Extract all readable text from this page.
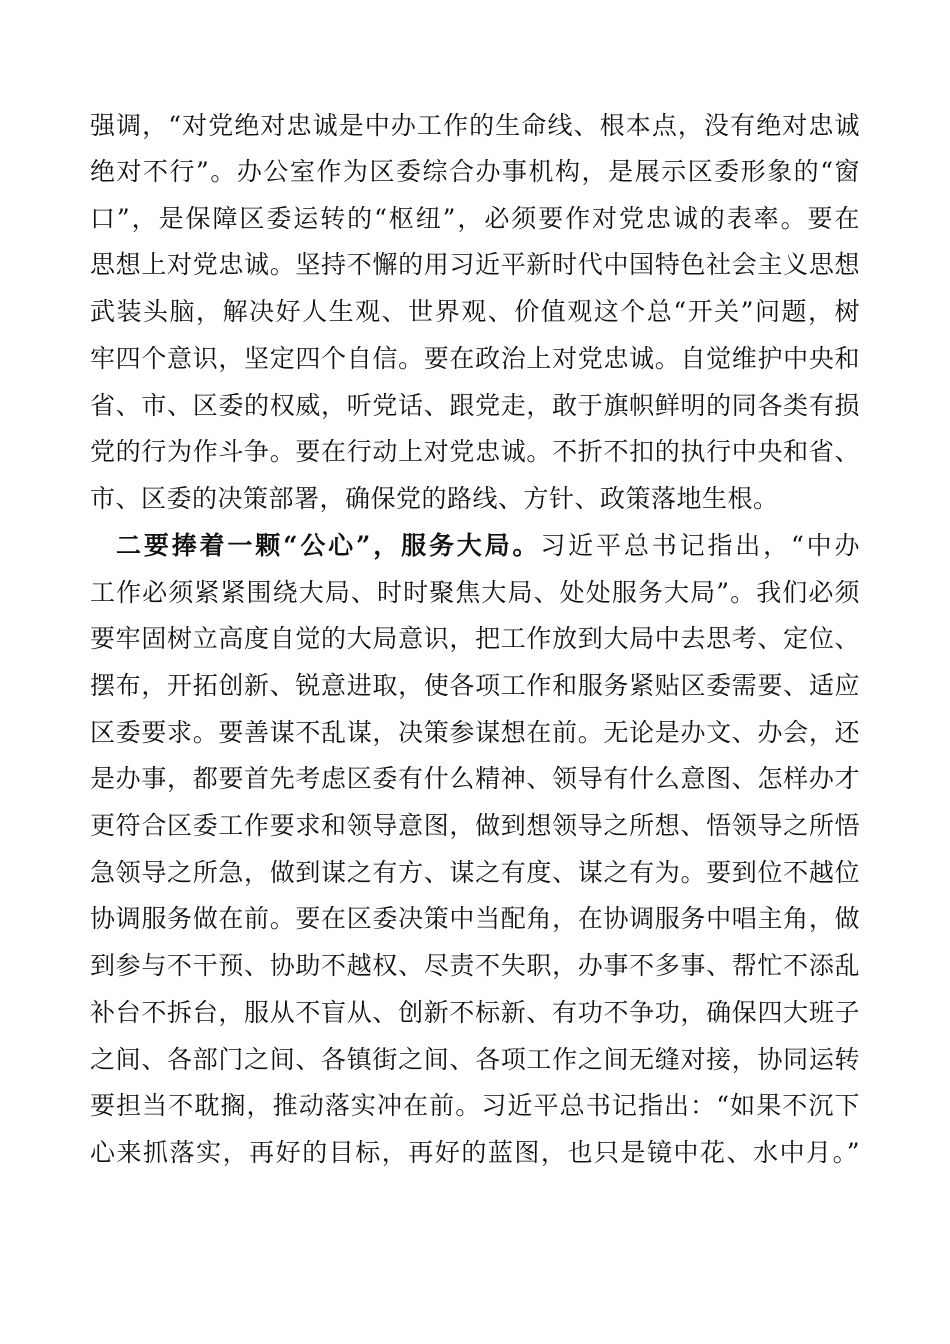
强调，“对党绝对忠诚是中办工作的生命线、根本点，没有绝对忠诚
绝对不行”。办公室作为区委综合办事机构，是展示区委形象的“窗
口”，是保障区委运转的“枢纽”，必须要作对党忠诚的表率。要在
思想上对党忠诚。坚持不懈的用习近平新时代中国特色社会主义思想
武装头脑，解决好人生观、世界观、价值观这个总“开关”问题，树
牢四个意识，坚定四个自信。要在政治上对党忠诚。自觉维护中央和
省、市、区委的权威，听党话、跟党走，敢于旗帜鲜明的同各类有损
党的行为作斗争。要在行动上对党忠诚。不折不扣的执行中央和省、
市、区委的决策部署，确保党的路线、方针、政策落地生根。
二要捧着一颗“公心”，服务大局。习近平总书记指出，“中办
工作必须紧紧围绕大局、时时聚焦大局、处处服务大局”。我们必须
要牢固树立高度自觉的大局意识，把工作放到大局中去思考、定位、
摆布，开拓创新、锐意进取，使各项工作和服务紧贴区委需要、适应
区委要求。要善谋不乱谋，决策参谋想在前。无论是办文、办会，还
是办事，都要首先考虑区委有什么精神、领导有什么意图、怎样办才
更符合区委工作要求和领导意图，做到想领导之所想、悟领导之所悟
急领导之所急，做到谋之有方、谋之有度、谋之有为。要到位不越位
协调服务做在前。要在区委决策中当配角，在协调服务中唱主角，做
到参与不干预、协助不越权、尽责不失职，办事不多事、帮忙不添乱
补台不拆台，服从不盲从、创新不标新、有功不争功，确保四大班子
之间、各部门之间、各镇街之间、各项工作之间无缝对接，协同运转
要担当不耽搁，推动落实冲在前。习近平总书记指出：“如果不沉下
心来抓落实，再好的目标，再好的蓝图，也只是镜中花、水中月。”
